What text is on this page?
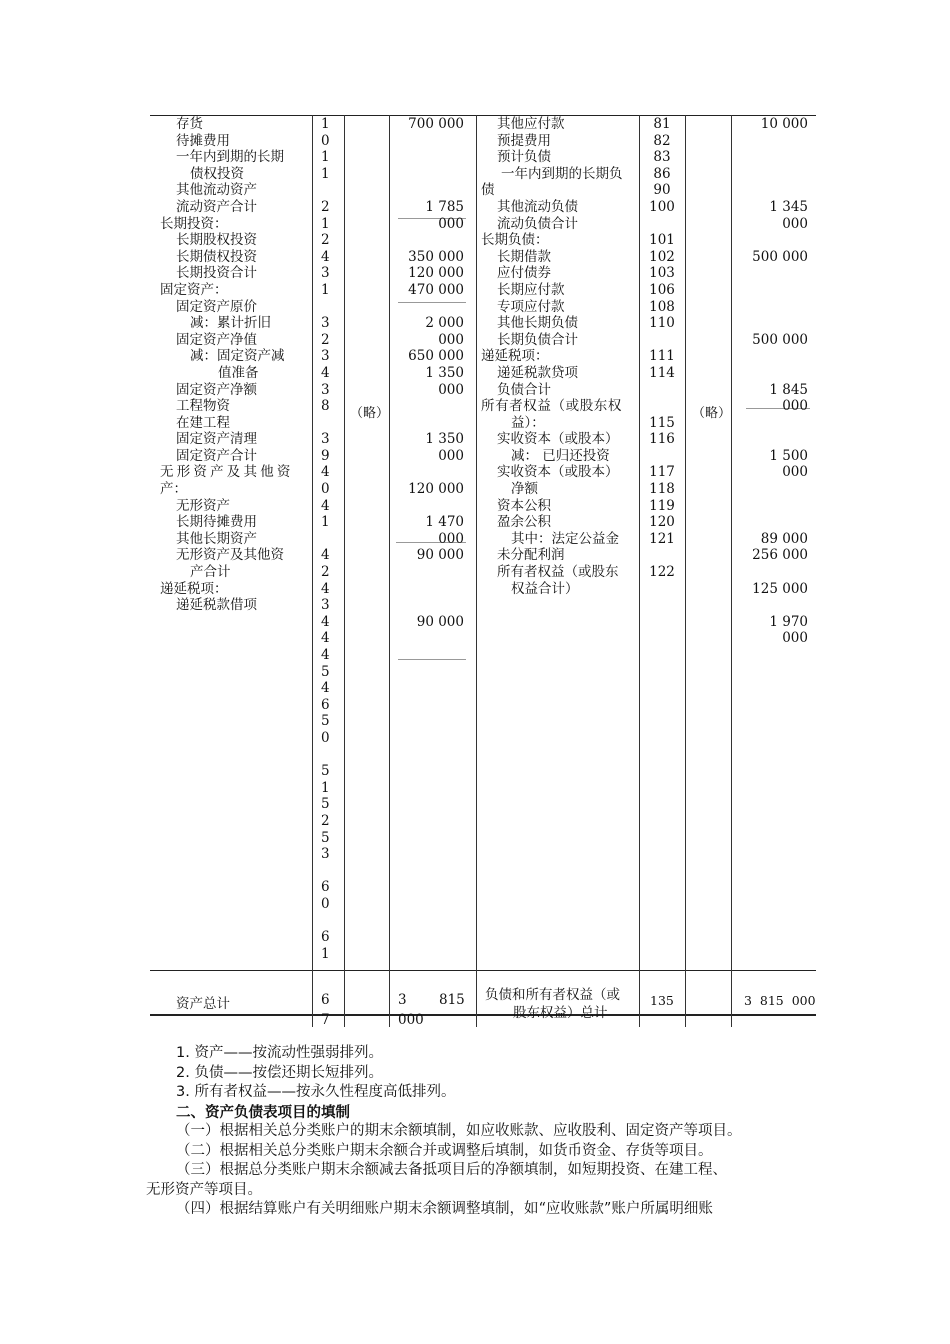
存货
待摊费用
一年内到期的长期
债权投资
其他流动资产
流动资产合计
长期投资：
长期股权投资
长期债权投资
长期投资合计
固定资产：
固定资产原价
减：累计折旧
固定资产净值
减：固定资产减
值准备
固定资产净额
工程物资
在建工程
固定资产清理
固定资产合计
无形资产及其他资
产：
无形资产
长期待摊费用
其他长期资产
无形资产及其他资
产合计
递延税项：
递延税款借项
1
0
1
1
2
1
2
4
3
1
3
2
3
4
3
8
3
9
4
0
4
1
4
2
4
3
4
4
4
5
4
6
5
0
5
1
5
2
5
3
6
0
6
1
700 000
1 785
000
350 000
120 000
470 000
2 000
000
650 000
1 350
000
1 350
000
120 000
1 470
000
90 000
90 000
（略）
其他应付款
预提费用
预计负债
一年内到期的长期负
债
其他流动负债
流动负债合计
长期负债：
长期借款
应付债券
长期应付款
专项应付款
其他长期负债
长期负债合计
递延税项：
递延税款贷项
负债合计
所有者权益（或股东权
益）：
实收资本（或股本）
减： 已归还投资
实收资本（或股本）
净额
资本公积
盈余公积
其中：法定公益金
未分配利润
所有者权益（或股东
权益合计）
81
82
83
86
90
100
101
102
103
106
108
110
111
114
115
116
117
118
119
120
121
122
10 000
1 345
000
500 000
500 000
1 845
000
1 500
000
89 000
256 000
125 000
1 970
000
（略）
资产总计	6
7
3 815
000
负债和所有者权益（或
股东权益）总计
135	3  815  000

1. 资产——按流动性强弱排列。

2. 负债——按偿还期长短排列。

3. 所有者权益——按永久性程度高低排列。

二、资产负债表项目的填制

（一）根据相关总分类账户的期末余额填制，如应收账款、应收股利、固定资产等项目。

（二）根据相关总分类账户期末余额合并或调整后填制，如货币资金、存货等项目。

（三）根据总分类账户期末余额减去备抵项目后的净额填制，如短期投资、在建工程、

无形资产等项目。

（四）根据结算账户有关明细账户期末余额调整填制，如“应收账款”账户所属明细账
